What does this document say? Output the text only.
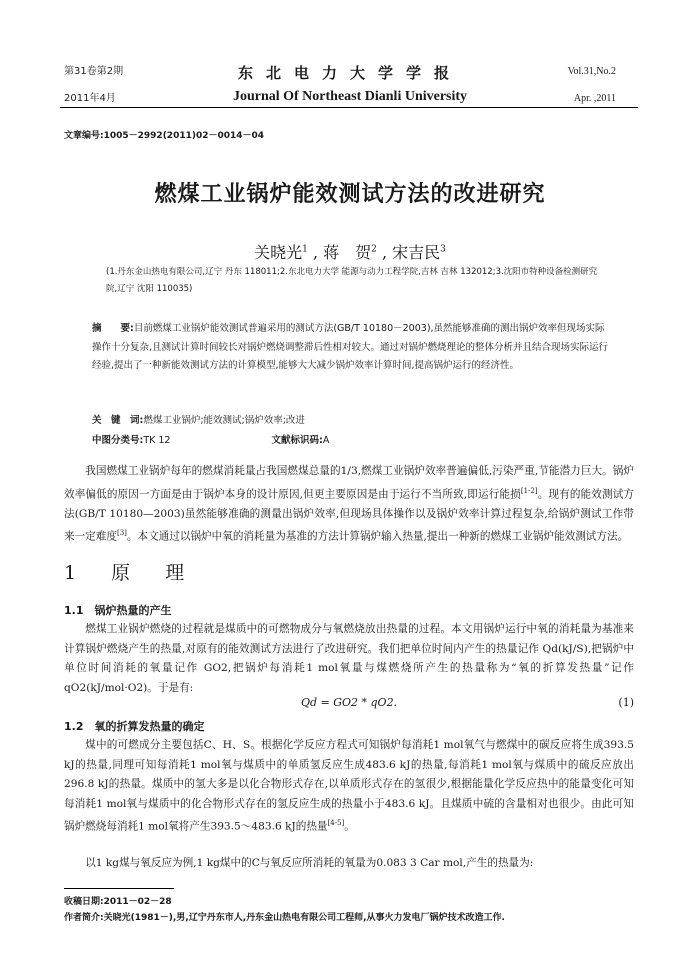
第31卷第2期
2011年4月
东北电力大学学报
Journal Of Northeast Dianli University
Vol.31,No.2
Apr. ,2011
文章编号:1005－2992(2011)02－0014－04
燃煤工业锅炉能效测试方法的改进研究
关晓光$^1$ , 蒋　贺$^2$ , 宋吉民$^3$
(1.丹东金山热电有限公司,辽宁 丹东 118011;2.东北电力大学 能源与动力工程学院,吉林 吉林 132012;3.沈阳市特种设备检测研究院,辽宁 沈阳 110035)
摘　　要:目前燃煤工业锅炉能效测试普遍采用的测试方法(GB/T 10180－2003),虽然能够准确的测出锅炉效率但现场实际操作十分复杂,且测试计算时间较长对锅炉燃烧调整滞后性相对较大。通过对锅炉燃烧理论的整体分析并且结合现场实际运行经验,提出了一种新能效测试方法的计算模型,能够大大减少锅炉效率计算时间,提高锅炉运行的经济性。
关　键　词:燃煤工业锅炉;能效测试;锅炉效率;改进
中图分类号:TK 12	文献标识码:A
我国燃煤工业锅炉每年的燃煤消耗量占我国燃煤总量的1/3,燃煤工业锅炉效率普遍偏低,污染严重,节能潜力巨大。锅炉效率偏低的原因一方面是由于锅炉本身的设计原因,但更主要原因是由于运行不当所致,即运行能损[1-2]。现有的能效测试方法(GB/T 10180—2003)虽然能够准确的测量出锅炉效率,但现场具体操作以及锅炉效率计算过程复杂,给锅炉测试工作带来一定难度[3]。本文通过以锅炉中氧的消耗量为基准的方法计算锅炉输入热量,提出一种新的燃煤工业锅炉能效测试方法。
1　原　理
1.1　锅炉热量的产生
燃煤工业锅炉燃烧的过程就是煤质中的可燃物成分与氧燃烧放出热量的过程。本文用锅炉运行中氧的消耗量为基准来计算锅炉燃烧产生的热量,对原有的能效测试方法进行了改进研究。我们把单位时间内产生的热量记作 Qd(kJ/S),把锅炉中单位时间消耗的氧量记作 GO2,把锅炉每消耗1 mol氧量与煤燃烧所产生的热量称为“氧的折算发热量”记作 qO2(kJ/mol·O2)。于是有:
Qd = GO2 * qO2.	(1)
1.2　氧的折算发热量的确定
煤中的可燃成分主要包括C、H、S。根据化学反应方程式可知锅炉每消耗1 mol氧气与燃煤中的碳反应将生成393.5 kJ的热量,同理可知每消耗1 mol氧与煤质中的单质氢反应生成483.6 kJ的热量,每消耗1 mol氧与煤质中的硫反应放出296.8 kJ的热量。煤质中的氢大多是以化合物形式存在,以单质形式存在的氢很少,根据能量化学反应热中的能量变化可知每消耗1 mol氧与煤质中的化合物形式存在的氢反应生成的热量小于483.6 kJ。且煤质中硫的含量相对也很少。由此可知锅炉燃烧每消耗1 mol氧将产生393.5～483.6 kJ的热量[4-5]。
以1 kg煤与氧反应为例,1 kg煤中的C与氧反应所消耗的氧量为0.083 3 Car mol,产生的热量为:
收稿日期:2011－02－28
作者简介:关晓光(1981－),男,辽宁丹东市人,丹东金山热电有限公司工程师,从事火力发电厂锅炉技术改造工作.
